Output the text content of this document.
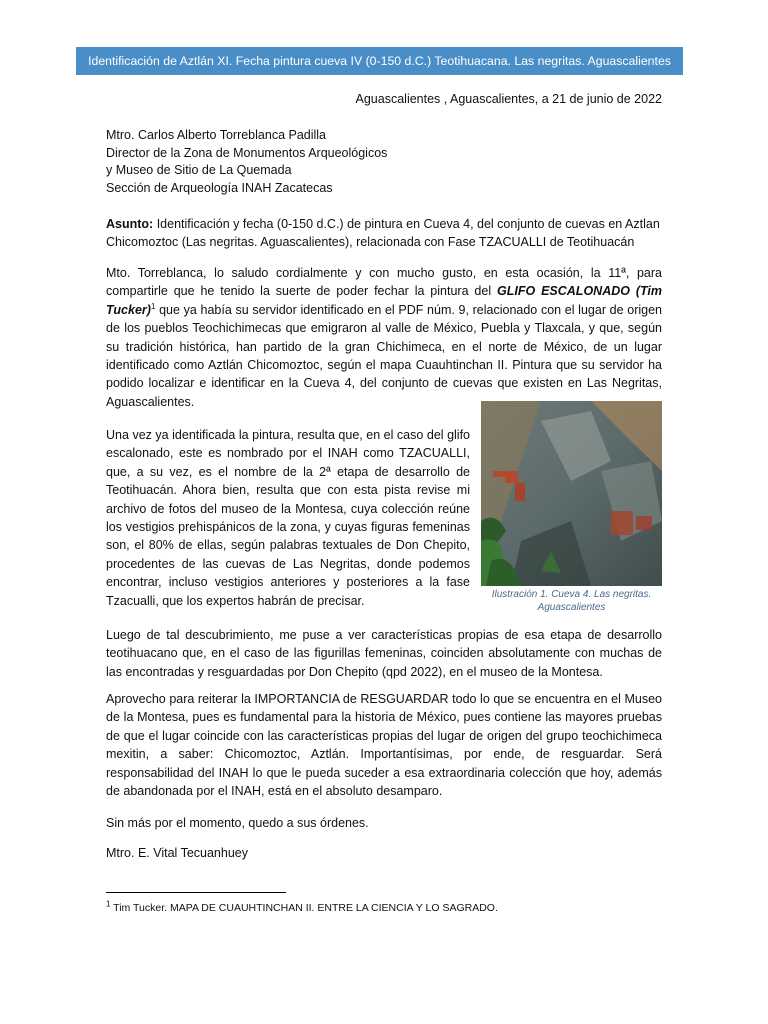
Identificación de Aztlán XI. Fecha pintura cueva IV (0-150 d.C.) Teotihuacana. Las negritas. Aguascalientes
Aguascalientes , Aguascalientes, a 21 de junio de 2022
Mtro. Carlos Alberto Torreblanca Padilla
Director de la Zona de Monumentos Arqueológicos
y Museo de Sitio de La Quemada
Sección de Arqueología INAH Zacatecas
Asunto: Identificación y fecha (0-150 d.C.) de pintura en Cueva 4, del conjunto de cuevas en Aztlan Chicomoztoc (Las negritas. Aguascalientes), relacionada con Fase TZACUALLI de Teotihuacán

Mto. Torreblanca, lo saludo cordialmente y con mucho gusto, en esta ocasión, la 11ª, para compartirle que he tenido la suerte de poder fechar la pintura del GLIFO ESCALONADO (Tim Tucker)$^1$ que ya había su servidor identificado en el PDF núm. 9, relacionado con el lugar de origen de los pueblos Teochichimecas que emigraron al valle de México, Puebla y Tlaxcala, y que, según su tradición histórica, han partido de la gran Chichimeca, en el norte de México, de un lugar identificado como Aztlán Chicomoztoc, según el mapa Cuauhtinchan II. Pintura que su servidor ha podido localizar e identificar en la Cueva 4, del conjunto de cuevas que existen en Las Negritas, Aguascalientes.

Una vez ya identificada la pintura, resulta que, en el caso del glifo escalonado, este es nombrado por el INAH como TZACUALLI, que, a su vez, es el nombre de la 2ª etapa de desarrollo de Teotihuacán. Ahora bien, resulta que con esta pista revise mi archivo de fotos del museo de la Montesa, cuya colección reúne los vestigios prehispánicos de la zona, y cuyas figuras femeninas son, el 80% de ellas, según palabras textuales de Don Chepito, procedentes de las cuevas de Las Negritas, donde podemos encontrar, incluso vestigios anteriores y posteriores a la fase Tzacualli, que los expertos habrán de precisar.	Ilustración 1. Cueva 4. Las negritas. Aguascalientes

Luego de tal descubrimiento, me puse a ver características propias de esa etapa de desarrollo teotihuacano que, en el caso de las figurillas femeninas, coinciden absolutamente con muchas de las encontradas y resguardadas por Don Chepito (qpd 2022), en el museo de la Montesa.

Aprovecho para reiterar la IMPORTANCIA de RESGUARDAR todo lo que se encuentra en el Museo de la Montesa, pues es fundamental para la historia de México, pues contiene las mayores pruebas de que el lugar coincide con las características propias del lugar de origen del grupo teochichimeca mexitin, a saber: Chicomoztoc, Aztlán. Importantísimas, por ende, de resguardar. Será responsabilidad del INAH lo que le pueda suceder a esa extraordinaria colección que hoy, además de abandonada por el INAH, está en el absoluto desamparo.

Sin más por el momento, quedo a sus órdenes.

Mtro. E. Vital Tecuanhuey

$^1$ Tim Tucker. MAPA DE CUAUHTINCHAN II. ENTRE LA CIENCIA Y LO SAGRADO.
